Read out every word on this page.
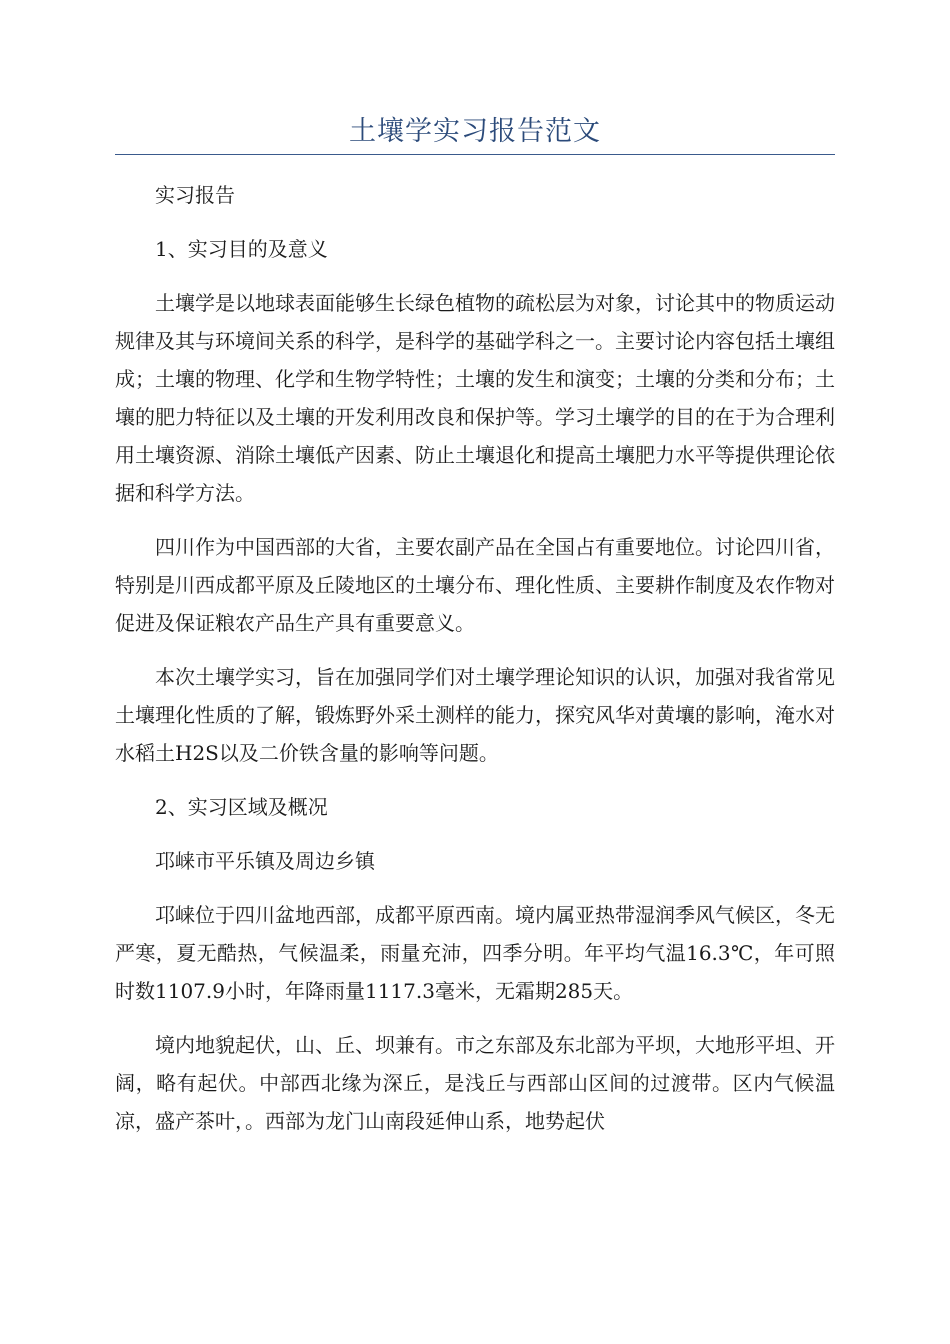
土壤学实习报告范文

实习报告

1、实习目的及意义

土壤学是以地球表面能够生长绿色植物的疏松层为对象，讨论其中的物质运动规律及其与环境间关系的科学，是科学的基础学科之一。主要讨论内容包括土壤组成；土壤的物理、化学和生物学特性；土壤的发生和演变；土壤的分类和分布；土壤的肥力特征以及土壤的开发利用改良和保护等。学习土壤学的目的在于为合理利用土壤资源、消除土壤低产因素、防止土壤退化和提高土壤肥力水平等提供理论依据和科学方法。

四川作为中国西部的大省，主要农副产品在全国占有重要地位。讨论四川省，特别是川西成都平原及丘陵地区的土壤分布、理化性质、主要耕作制度及农作物对促进及保证粮农产品生产具有重要意义。

本次土壤学实习，旨在加强同学们对土壤学理论知识的认识，加强对我省常见土壤理化性质的了解，锻炼野外采土测样的能力，探究风华对黄壤的影响，淹水对水稻土H2S以及二价铁含量的影响等问题。

2、实习区域及概况

邛崃市平乐镇及周边乡镇

邛崃位于四川盆地西部，成都平原西南。境内属亚热带湿润季风气候区，冬无严寒，夏无酷热，气候温柔，雨量充沛，四季分明。年平均气温16.3℃，年可照时数1107.9小时，年降雨量1117.3毫米，无霜期285天。

境内地貌起伏，山、丘、坝兼有。市之东部及东北部为平坝，大地形平坦、开阔，略有起伏。中部西北缘为深丘，是浅丘与西部山区间的过渡带。区内气候温凉，盛产茶叶，。西部为龙门山南段延伸山系，地势起伏
